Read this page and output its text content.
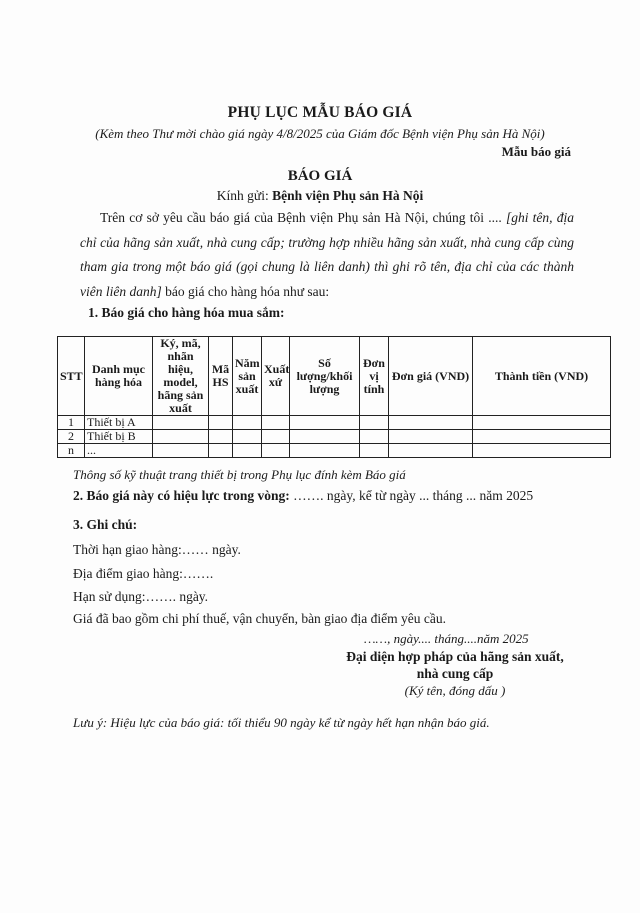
PHỤ LỤC MẪU BÁO GIÁ
(Kèm theo Thư mời chào giá ngày 4/8/2025 của Giám đốc Bệnh viện Phụ sản Hà Nội)
Mẫu báo giá
BÁO GIÁ
Kính gửi: Bệnh viện Phụ sản Hà Nội
Trên cơ sở yêu cầu báo giá của Bệnh viện Phụ sản Hà Nội, chúng tôi .... [ghi tên, địa chỉ của hãng sản xuất, nhà cung cấp; trường hợp nhiều hãng sản xuất, nhà cung cấp cùng tham gia trong một báo giá (gọi chung là liên danh) thì ghi rõ tên, địa chỉ của các thành viên liên danh] báo giá cho hàng hóa như sau:
1. Báo giá cho hàng hóa mua sắm:
STT	Danh mục hàng hóa	Ký, mã, nhãn hiệu, model, hãng sản xuất	Mã HS	Năm sản xuất	Xuất xứ	Số lượng/khối lượng	Đơn vị tính	Đơn giá (VND)	Thành tiền (VND)
1	Thiết bị A								
2	Thiết bị B								
n	...								
Thông số kỹ thuật trang thiết bị trong Phụ lục đính kèm Báo giá
2. Báo giá này có hiệu lực trong vòng: ……. ngày, kể từ ngày ... tháng ... năm 2025
3. Ghi chú:
Thời hạn giao hàng:…… ngày.
Địa điểm giao hàng:…….
Hạn sử dụng:……. ngày.
Giá đã bao gồm chi phí thuế, vận chuyển, bàn giao địa điểm yêu cầu.
……, ngày.... tháng....năm 2025
Đại diện hợp pháp của hãng sản xuất,
nhà cung cấp
(Ký tên, đóng dấu )
Lưu ý: Hiệu lực của báo giá: tối thiểu 90 ngày kể từ ngày hết hạn nhận báo giá.
